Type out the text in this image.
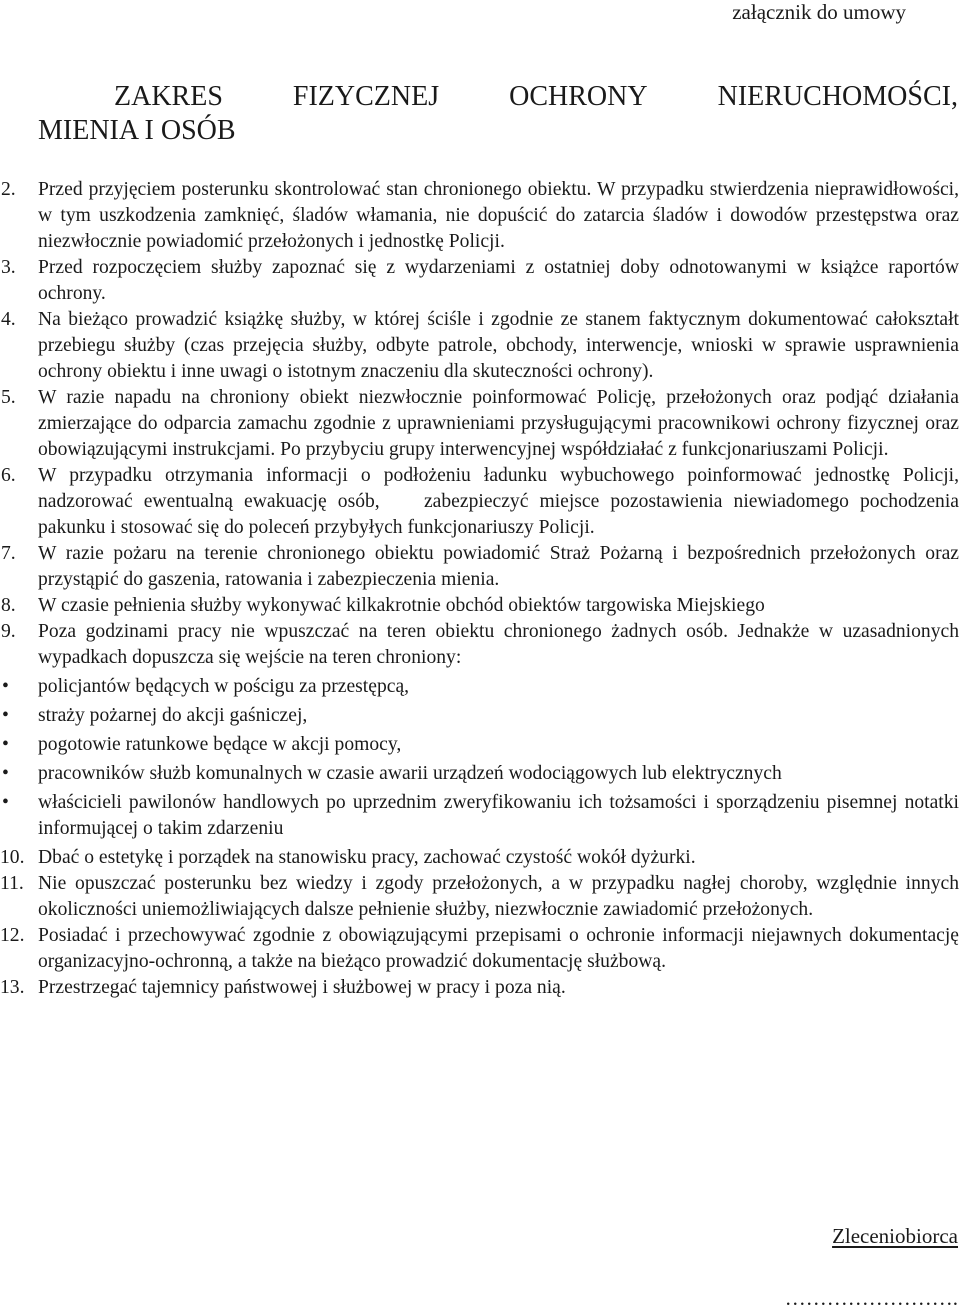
załącznik do umowy
ZAKRES	FIZYCZNEJ	OCHRONY	NIERUCHOMOŚCI,
MIENIA I OSÓB
2.	Przed przyjęciem posterunku skontrolować stan chronionego obiektu. W przypadku stwierdzenia nieprawidłowości, w tym uszkodzenia zamknięć, śladów włamania, nie dopuścić do zatarcia śladów i dowodów przestępstwa oraz niezwłocznie powiadomić przełożonych i jednostkę Policji.
3.	Przed rozpoczęciem służby zapoznać się z wydarzeniami z ostatniej doby odnotowanymi w książce raportów ochrony.
4.	Na bieżąco prowadzić książkę służby, w której ściśle i zgodnie ze stanem faktycznym dokumentować całokształt przebiegu służby (czas przejęcia służby, odbyte patrole, obchody, interwencje, wnioski w sprawie usprawnienia ochrony obiektu i inne uwagi o istotnym znaczeniu dla skuteczności ochrony).
5.	W razie napadu na chroniony obiekt niezwłocznie poinformować Policję, przełożonych oraz podjąć działania zmierzające do odparcia zamachu zgodnie z uprawnieniami przysługującymi pracownikowi ochrony fizycznej oraz obowiązującymi instrukcjami. Po przybyciu grupy interwencyjnej współdziałać z funkcjonariuszami Policji.
6.	W przypadku otrzymania informacji o podłożeniu ładunku wybuchowego poinformować jednostkę Policji, nadzorować ewentualną ewakuację osób,    zabezpieczyć miejsce pozostawienia niewiadomego pochodzenia pakunku i stosować się do poleceń przybyłych funkcjonariuszy Policji.
7.	W razie pożaru na terenie chronionego obiektu powiadomić Straż Pożarną i bezpośrednich przełożonych oraz przystąpić do gaszenia, ratowania i zabezpieczenia mienia.
8.	W czasie pełnienia służby wykonywać kilkakrotnie obchód obiektów targowiska Miejskiego
9.	Poza godzinami pracy nie wpuszczać na teren obiektu chronionego żadnych osób. Jednakże w uzasadnionych wypadkach dopuszcza się wejście na teren chroniony:
•	policjantów będących w pościgu za przestępcą,
•	straży pożarnej do akcji gaśniczej,
•	pogotowie ratunkowe będące w akcji pomocy,
•	pracowników służb komunalnych w czasie awarii urządzeń wodociągowych lub elektrycznych
•	właścicieli pawilonów handlowych po uprzednim zweryfikowaniu ich tożsamości i sporządzeniu pisemnej notatki informującej o takim zdarzeniu
10. Dbać o estetykę i porządek na stanowisku pracy, zachować czystość wokół dyżurki.
11. Nie opuszczać posterunku bez wiedzy i zgody przełożonych, a w przypadku nagłej choroby, względnie innych okoliczności uniemożliwiających dalsze pełnienie służby, niezwłocznie zawiadomić przełożonych.
12. Posiadać i przechowywać zgodnie z obowiązującymi przepisami o ochronie informacji niejawnych dokumentację organizacyjno-ochronną, a także na bieżąco prowadzić dokumentację służbową.
13. Przestrzegać tajemnicy państwowej i służbowej w pracy i poza nią.
Zleceniobiorca
…………………….
